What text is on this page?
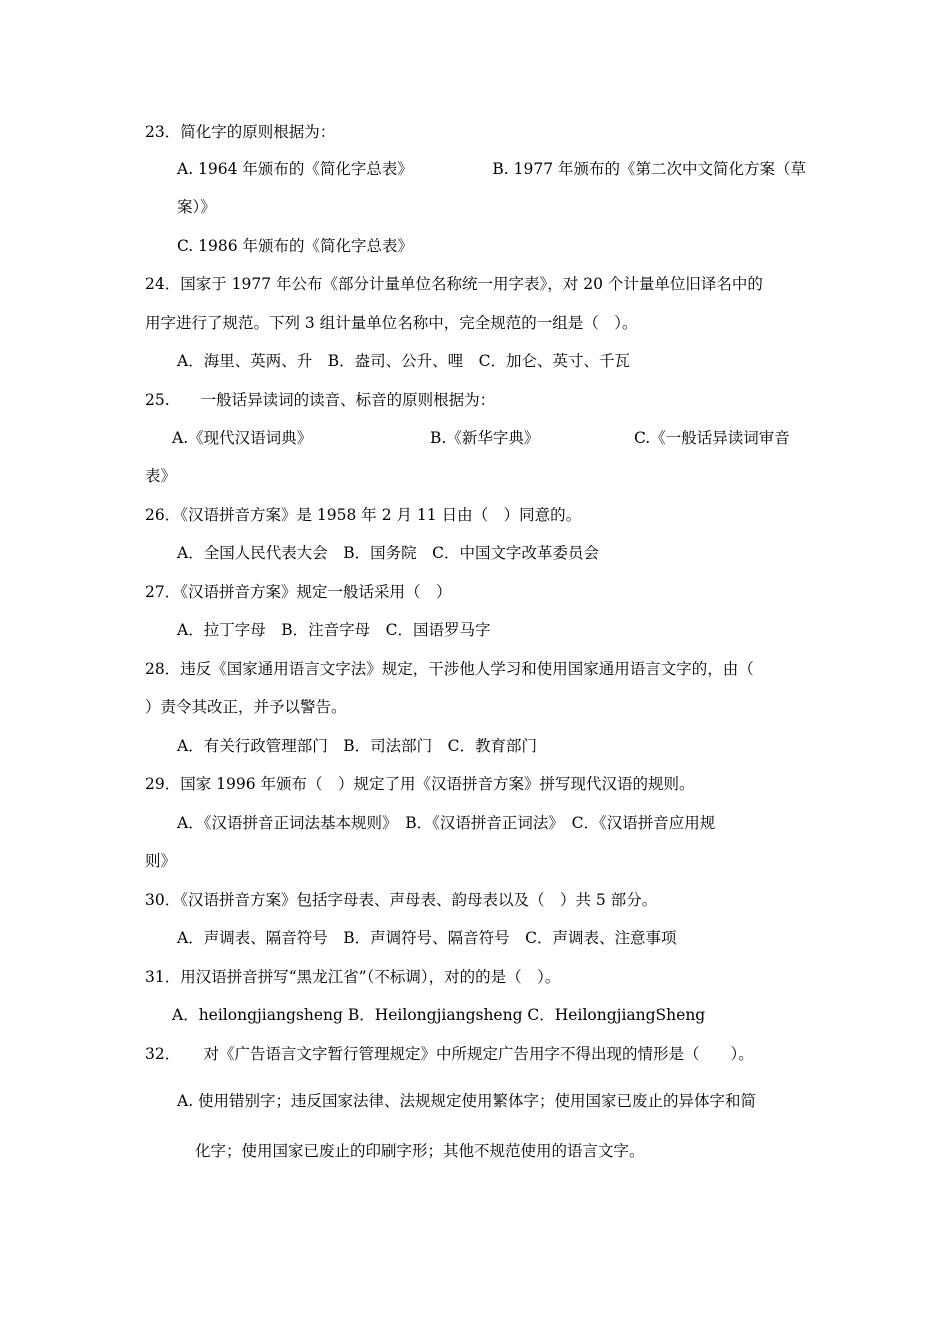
23．简化字的原则根据为：

A. 1964 年颁布的《简化字总表》	B. 1977 年颁布的《第二次中文简化方案（草

案）》

C. 1986 年颁布的《简化字总表》

24．国家于 1977 年公布《部分计量单位名称统一用字表》，对 20 个计量单位旧译名中的

用字进行了规范。下列 3 组计量单位名称中，完全规范的一组是（　）。

A．海里、英两、升　B．盎司、公升、哩　C．加仑、英寸、千瓦

25.　　一般话异读词的读音、标音的原则根据为：

A.《现代汉语词典》	B.《新华字典》	C.《一般话异读词审音

表》

26．《汉语拼音方案》是 1958 年 2 月 11 日由（　）同意的。

A．全国人民代表大会　B．国务院　C．中国文字改革委员会

27．《汉语拼音方案》规定一般话采用（　）

A．拉丁字母　B．注音字母　C．国语罗马字

28．违反《国家通用语言文字法》规定，干涉他人学习和使用国家通用语言文字的，由（

）责令其改正，并予以警告。

A．有关行政管理部门　B．司法部门　C．教育部门

29．国家 1996 年颁布（　）规定了用《汉语拼音方案》拼写现代汉语的规则。

A．《汉语拼音正词法基本规则》　B．《汉语拼音正词法》　C．《汉语拼音应用规

则》

30．《汉语拼音方案》包括字母表、声母表、韵母表以及（　）共 5 部分。

A．声调表、隔音符号　B．声调符号、隔音符号　C．声调表、注意事项

31．用汉语拼音拼写“黑龙江省”（不标调），对的的是（　）。

A．heilongjiangsheng B．Heilongjiangsheng C．HeilongjiangSheng

32．　　对《广告语言文字暂行管理规定》中所规定广告用字不得出现的情形是（　　）。

A. 使用错别字；违反国家法律、法规规定使用繁体字；使用国家已废止的异体字和简

化字；使用国家已废止的印刷字形；其他不规范使用的语言文字。
